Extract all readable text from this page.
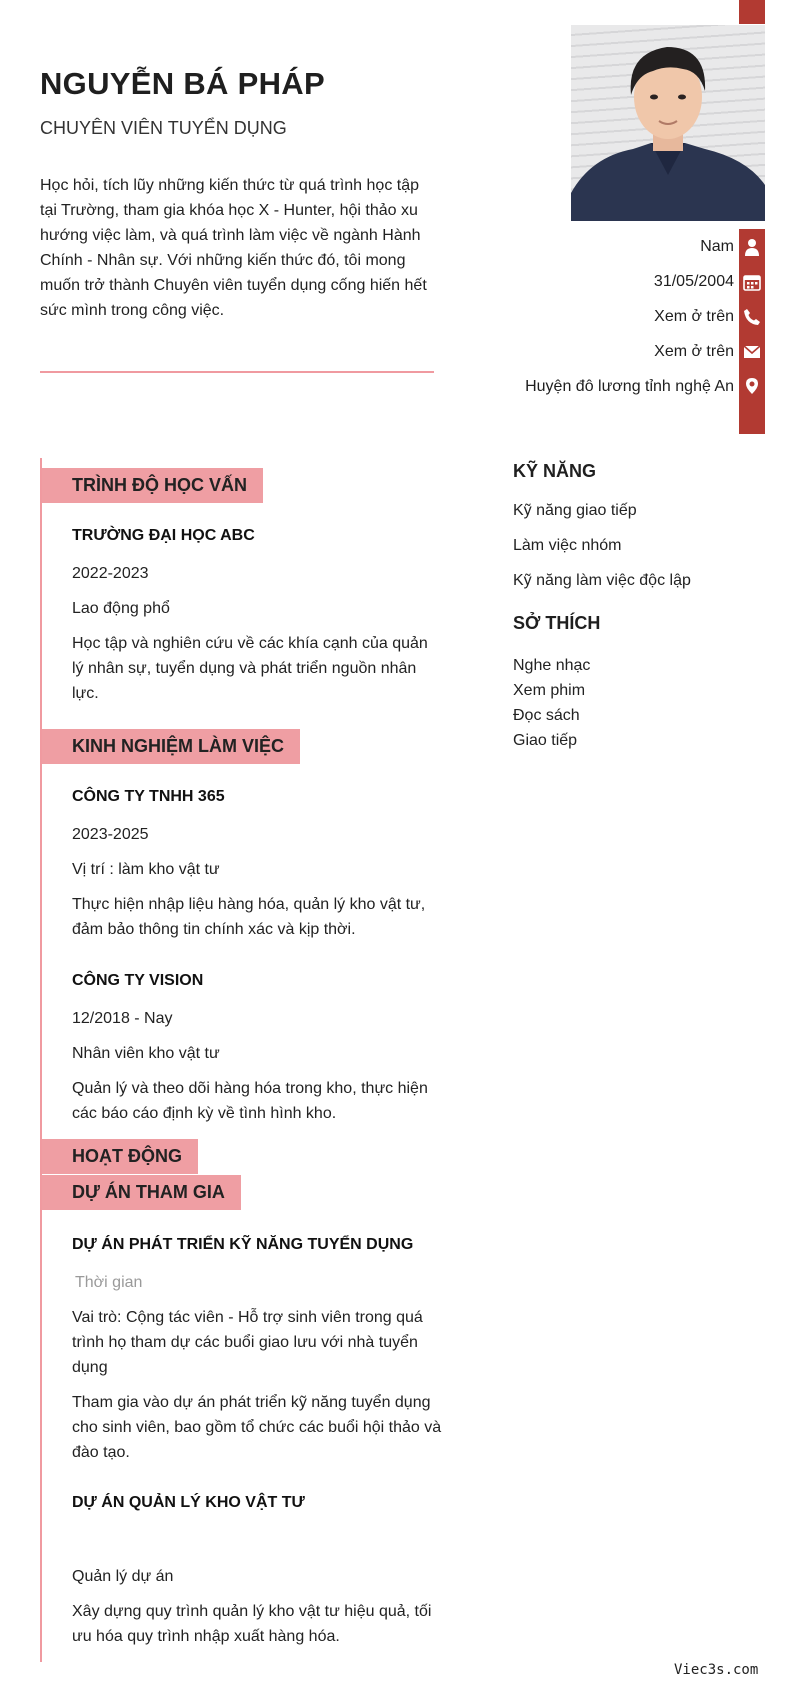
NGUYỄN BÁ PHÁP
CHUYÊN VIÊN TUYỂN DỤNG
Học hỏi, tích lũy những kiến thức từ quá trình học tập tại Trường, tham gia khóa học X - Hunter, hội thảo xu hướng việc làm, và quá trình làm việc về ngành Hành Chính - Nhân sự. Với những kiến thức đó, tôi mong muốn trở thành Chuyên viên tuyển dụng cống hiến hết sức mình trong công việc.
Nam
31/05/2004
Xem ở trên
Xem ở trên
Huyện đô lương tỉnh nghệ An
TRÌNH ĐỘ HỌC VẤN
TRƯỜNG ĐẠI HỌC ABC
2022-2023
Lao động phổ
Học tập và nghiên cứu về các khía cạnh của quản lý nhân sự, tuyển dụng và phát triển nguồn nhân lực.
KINH NGHIỆM LÀM VIỆC
CÔNG TY TNHH 365
2023-2025
Vị trí : làm kho vật tư
Thực hiện nhập liệu hàng hóa, quản lý kho vật tư, đảm bảo thông tin chính xác và kịp thời.
CÔNG TY VISION
12/2018 - Nay
Nhân viên kho vật tư
Quản lý và theo dõi hàng hóa trong kho, thực hiện các báo cáo định kỳ về tình hình kho.
HOẠT ĐỘNG
DỰ ÁN THAM GIA
DỰ ÁN PHÁT TRIỂN KỸ NĂNG TUYỂN DỤNG
Thời gian
Vai trò: Cộng tác viên - Hỗ trợ sinh viên trong quá trình họ tham dự các buổi giao lưu với nhà tuyển dụng
Tham gia vào dự án phát triển kỹ năng tuyển dụng cho sinh viên, bao gồm tổ chức các buổi hội thảo và đào tạo.
DỰ ÁN QUẢN LÝ KHO VẬT TƯ
Quản lý dự án
Xây dựng quy trình quản lý kho vật tư hiệu quả, tối ưu hóa quy trình nhập xuất hàng hóa.
KỸ NĂNG
Kỹ năng giao tiếp
Làm việc nhóm
Kỹ năng làm việc độc lập
SỞ THÍCH
Nghe nhạc
Xem phim
Đọc sách
Giao tiếp
Viec3s.com
